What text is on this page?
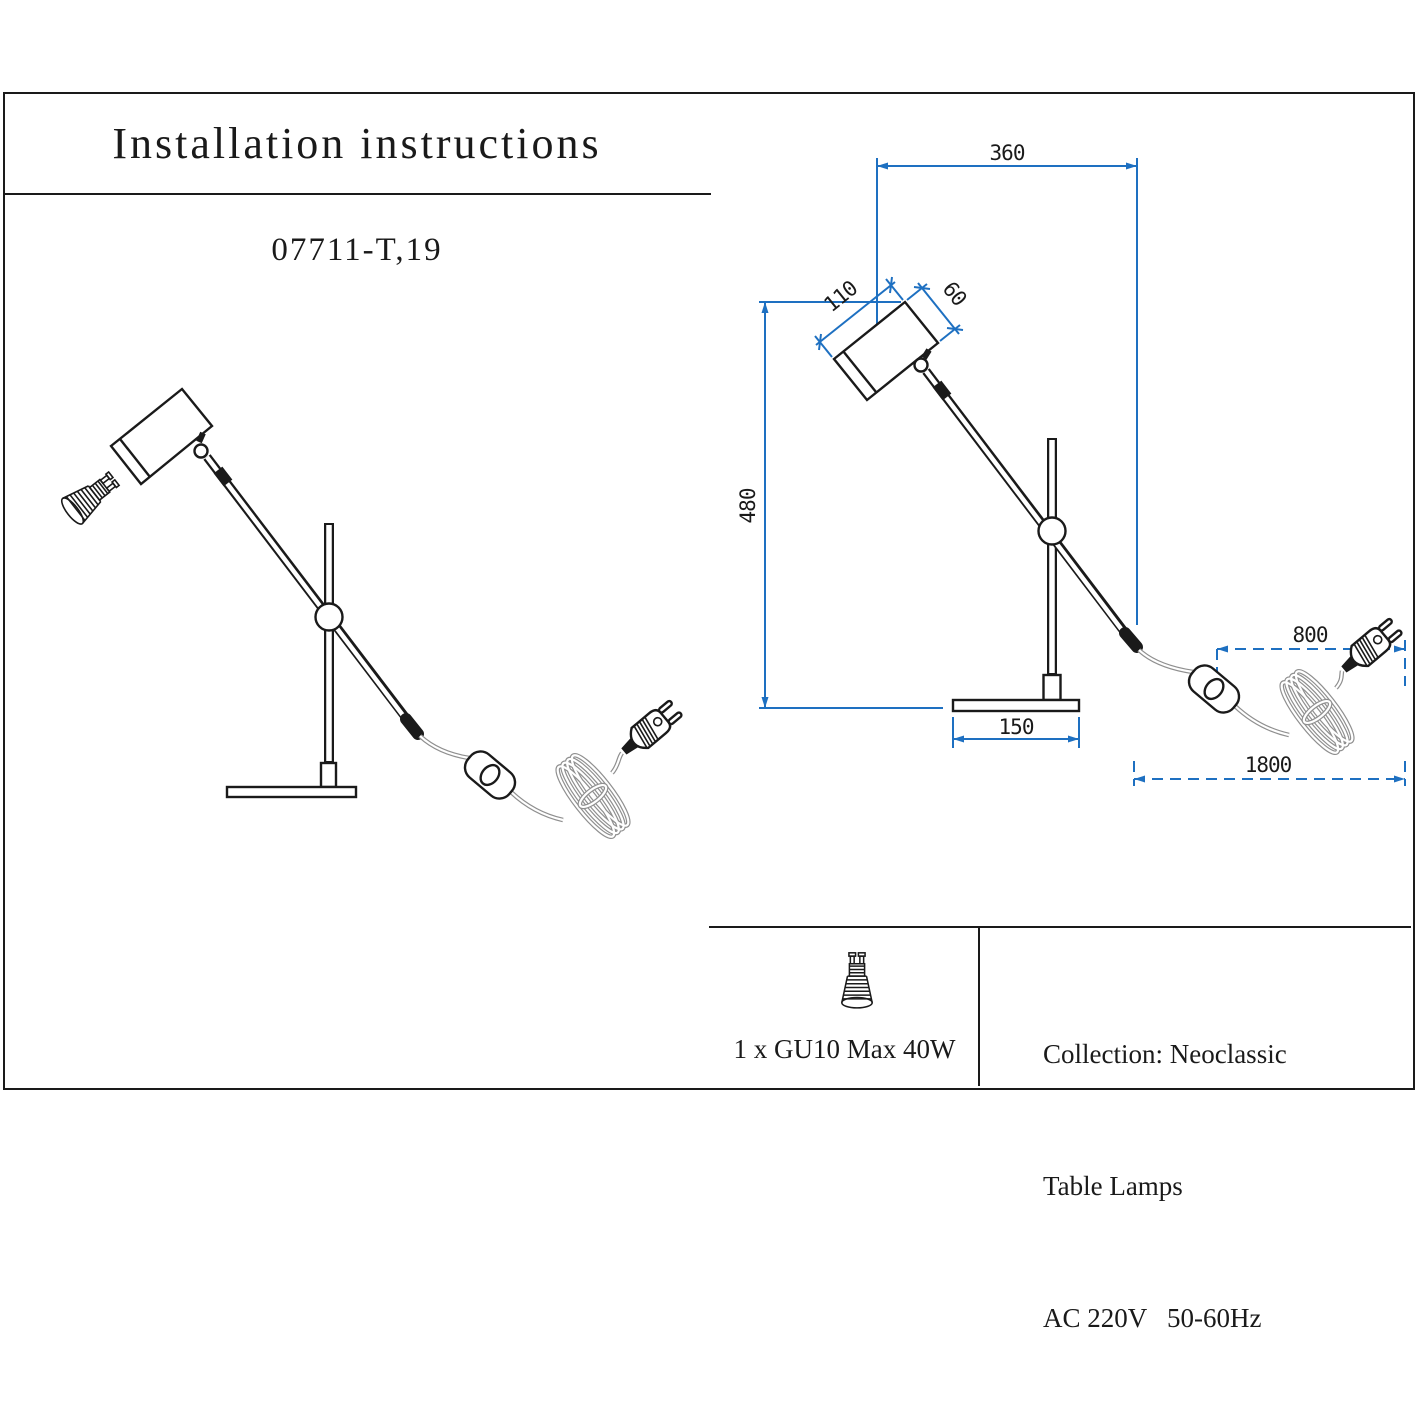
Installation instructions
07711-T,19
360
480
110	60
150
800
1800
1 x GU10 Max 40W

	Collection: Neoclassic

Table Lamps

AC 220V   50-60Hz
